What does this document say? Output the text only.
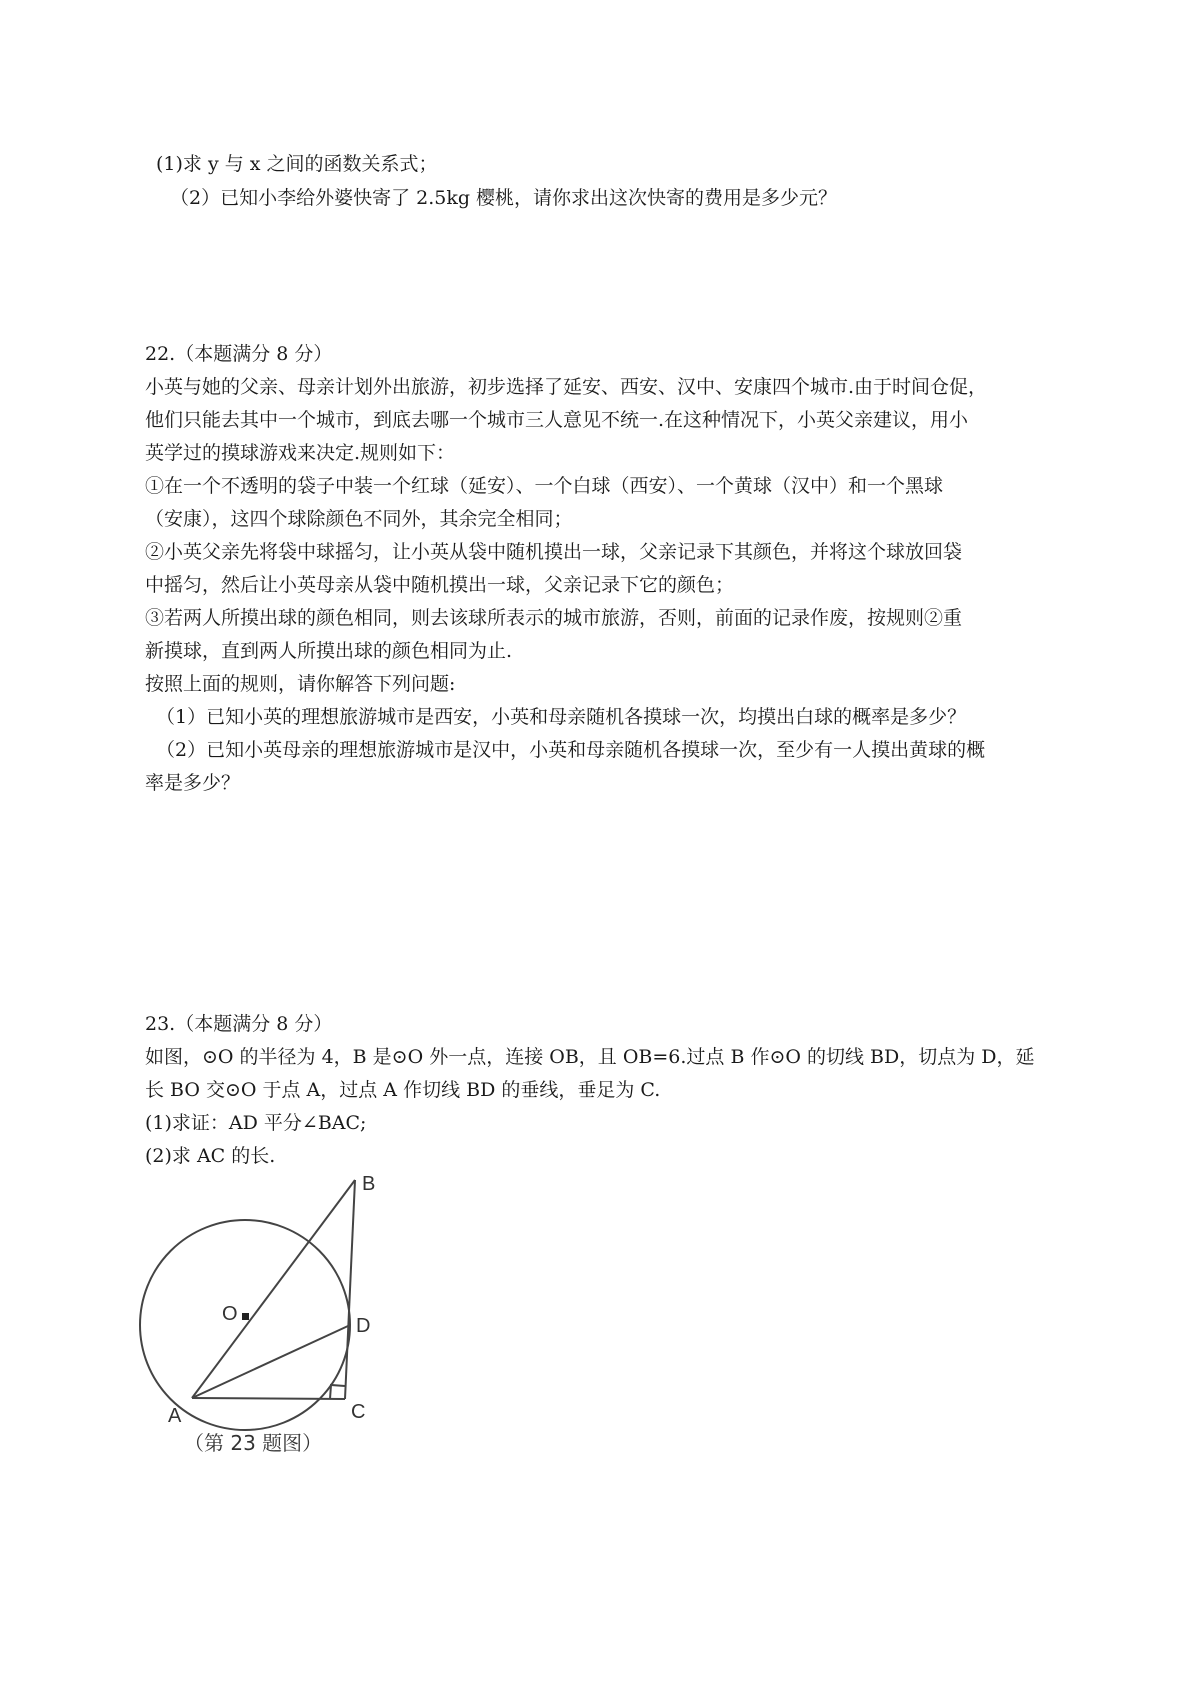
(1)求 y 与 x 之间的函数关系式；
（2）已知小李给外婆快寄了 2.5kg 樱桃，请你求出这次快寄的费用是多少元？
22.（本题满分 8 分）
小英与她的父亲、母亲计划外出旅游，初步选择了延安、西安、汉中、安康四个城市.由于时间仓促，
他们只能去其中一个城市，到底去哪一个城市三人意见不统一.在这种情况下，小英父亲建议，用小
英学过的摸球游戏来决定.规则如下：
①在一个不透明的袋子中装一个红球（延安）、一个白球（西安）、一个黄球（汉中）和一个黑球
（安康），这四个球除颜色不同外，其余完全相同；
②小英父亲先将袋中球摇匀，让小英从袋中随机摸出一球，父亲记录下其颜色，并将这个球放回袋
中摇匀，然后让小英母亲从袋中随机摸出一球，父亲记录下它的颜色；
③若两人所摸出球的颜色相同，则去该球所表示的城市旅游，否则，前面的记录作废，按规则②重
新摸球，直到两人所摸出球的颜色相同为止.
按照上面的规则，请你解答下列问题:
（1）已知小英的理想旅游城市是西安，小英和母亲随机各摸球一次，均摸出白球的概率是多少？
（2）已知小英母亲的理想旅游城市是汉中，小英和母亲随机各摸球一次，至少有一人摸出黄球的概
率是多少？
23.（本题满分 8 分）
如图，⊙O 的半径为 4，B 是⊙O 外一点，连接 OB，且 OB=6.过点 B 作⊙O 的切线 BD，切点为 D，延
长 BO 交⊙O 于点 A，过点 A 作切线 BD 的垂线，垂足为 C.
(1)求证：AD 平分∠BAC;
(2)求 AC 的长.
B
O
D
A	C
（第 23 题图）
